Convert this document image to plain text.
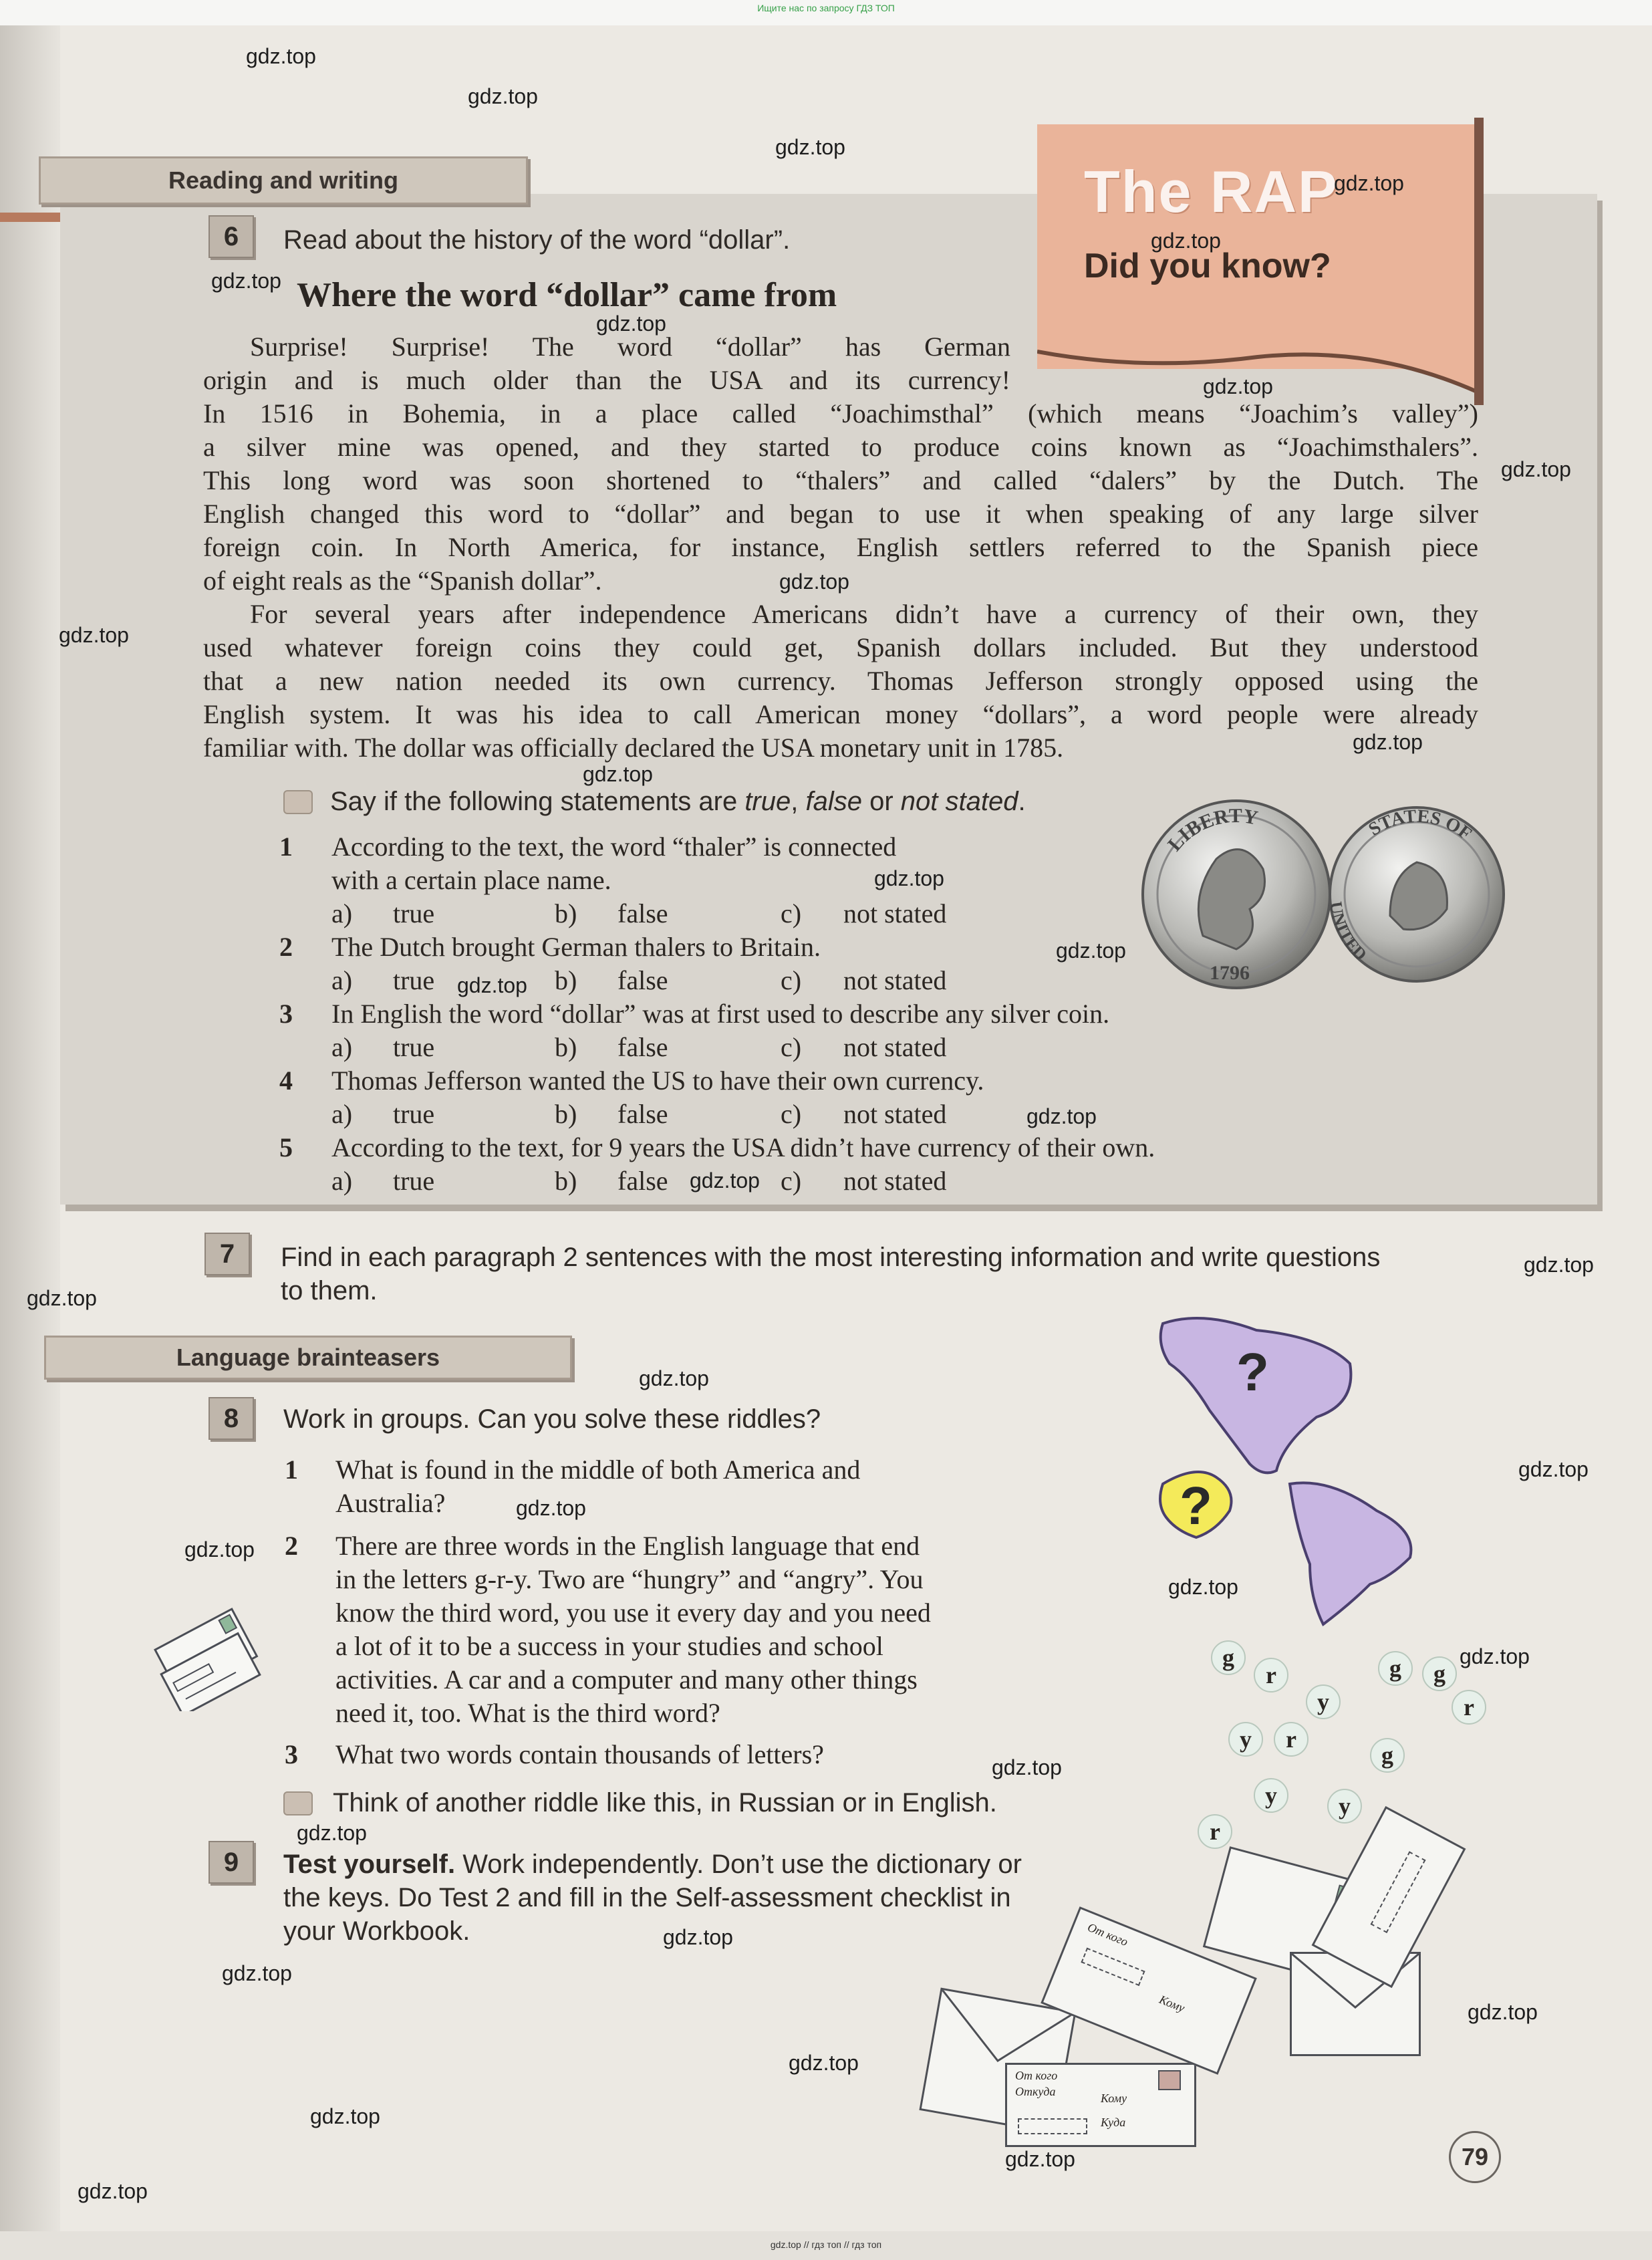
Ищите нас по запросу ГДЗ ТОП
Reading and writing	The RAP
Did you know?
6	Read about the history of the word “dollar”.
Where the word “dollar” came from
Surprise! Surprise! The word “dollar” has German
origin and is much older than the USA and its currency!
In 1516 in Bohemia, in a place called “Joachimsthal” (which means “Joachim’s valley”)
a silver mine was opened, and they started to produce coins known as “Joachimsthalers”.
This long word was soon shortened to “thalers” and called “dalers” by the Dutch. The
English changed this word to “dollar” and began to use it when speaking of any large silver
foreign coin. In North America, for instance, English settlers referred to the Spanish piece
of eight reals as the “Spanish dollar”.
For several years after independence Americans didn’t have a currency of their own, they
used whatever foreign coins they could get, Spanish dollars included. But they understood
that a new nation needed its own currency. Thomas Jefferson strongly opposed using the
English system. It was his idea to call American money “dollars”, a word people were already
familiar with. The dollar was officially declared the USA monetary unit in 1785.
Say if the following statements are true, false or not stated.
1 According to the text, the word “thaler” is connected
with a certain place name.
2 The Dutch brought German thalers to Britain.
3 In English the word “dollar” was at first used to describe any silver coin.
4 Thomas Jefferson wanted the US to have their own currency.
5 According to the text, for 9 years the USA didn’t have currency of their own.
a) true	b) false	c) not stated
a) true	b) false	c) not stated
a) true	b) false	c) not stated
a) true	b) false	c) not stated
a) true	b) false	c) not stated
LIBERTY
1796
STATES OF
UNITED
7	Find in each paragraph 2 sentences with the most interesting information and write questions
to them.
Language brainteasers
8	Work in groups. Can you solve these riddles?
1 What is found in the middle of both America and
Australia?
2 There are three words in the English language that end
in the letters g-r-y. Two are “hungry” and “angry”. You
know the third word, you use it every day and you need
a lot of it to be a success in your studies and school
activities. A car and a computer and many other things
need it, too. What is the third word?
3 What two words contain thousands of letters?
Think of another riddle like this, in Russian or in English.
9	Test yourself. Work independently. Don’t use the dictionary or
the keys. Do Test 2 and fill in the Self-assessment checklist in
your Workbook.
?
?
g
r
y
y
g
r
y
r
g
g
y
r
От кого
Откуда	Кому
Куда
От кого
Кому
79
gdz.top
gdz.top
gdz.top
gdz.top
gdz.top
gdz.top
gdz.top
gdz.top
gdz.top
gdz.top
gdz.top
gdz.top
gdz.top
gdz.top
gdz.top
gdz.top
gdz.top
gdz.top
gdz.top
gdz.top
gdz.top
gdz.top
gdz.top
gdz.top
gdz.top
gdz.top
gdz.top
gdz.top
gdz.top
gdz.top
gdz.top
gdz.top
gdz.top
gdz.top
gdz.top
gdz.top // гдз топ // гдз топ
